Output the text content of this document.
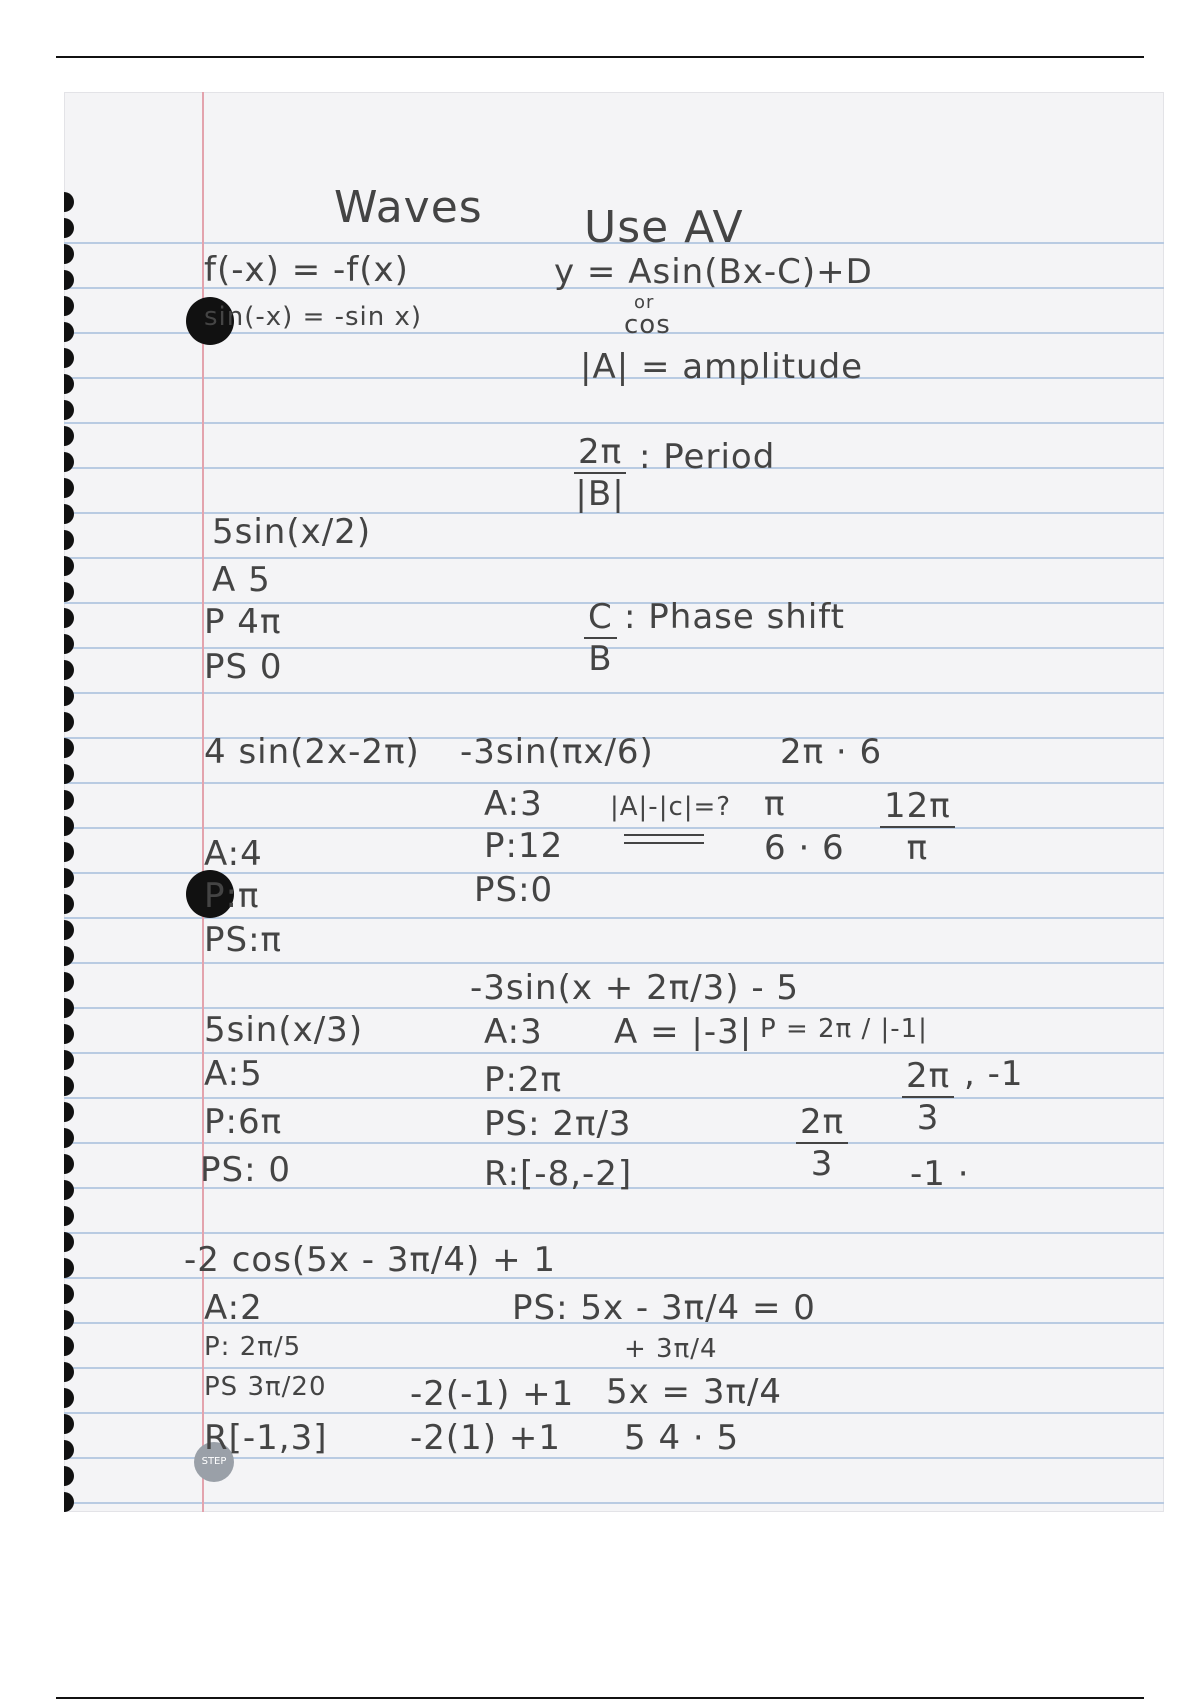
STEP
Waves Use AV
f(-x) = -f(x)
sin(-x) = -sin x)
y = Asin(Bx-C)+D
or
cos
|A| = amplitude
$\frac{2\pi}{|B|}$ : Period
$\frac{C}{B}$ : Phase shift
5sin(x/2)
A 5
P 4π
PS 0
4 sin(2x-2π)
A:4
P:π
PS:π
-3sin(πx/6)
A:3
P:12
PS:0
|A|-|c|=?
2π · 6
π
$6 \cdot 6 \frac{12\pi}{\pi}$
5sin(x/3)
A:5
P:6π
PS: 0
-3sin(x + 2π/3) - 5
A:3 A = |-3| P = 2π / |-1|
P:2π
PS: 2π/3
R:[-8,-2]	$\frac{2\pi}{3}$
$\frac{2\pi}{3}$ , -1
-1 ·
-2 cos(5x - 3π/4) + 1
A:2
P: 2π/5
PS 3π/20
R[-1,3]
PS: 5x - 3π/4 = 0
+ 3π/4
5x = 3π/4
5 4 · 5
-2(-1) +1
-2(1) +1
